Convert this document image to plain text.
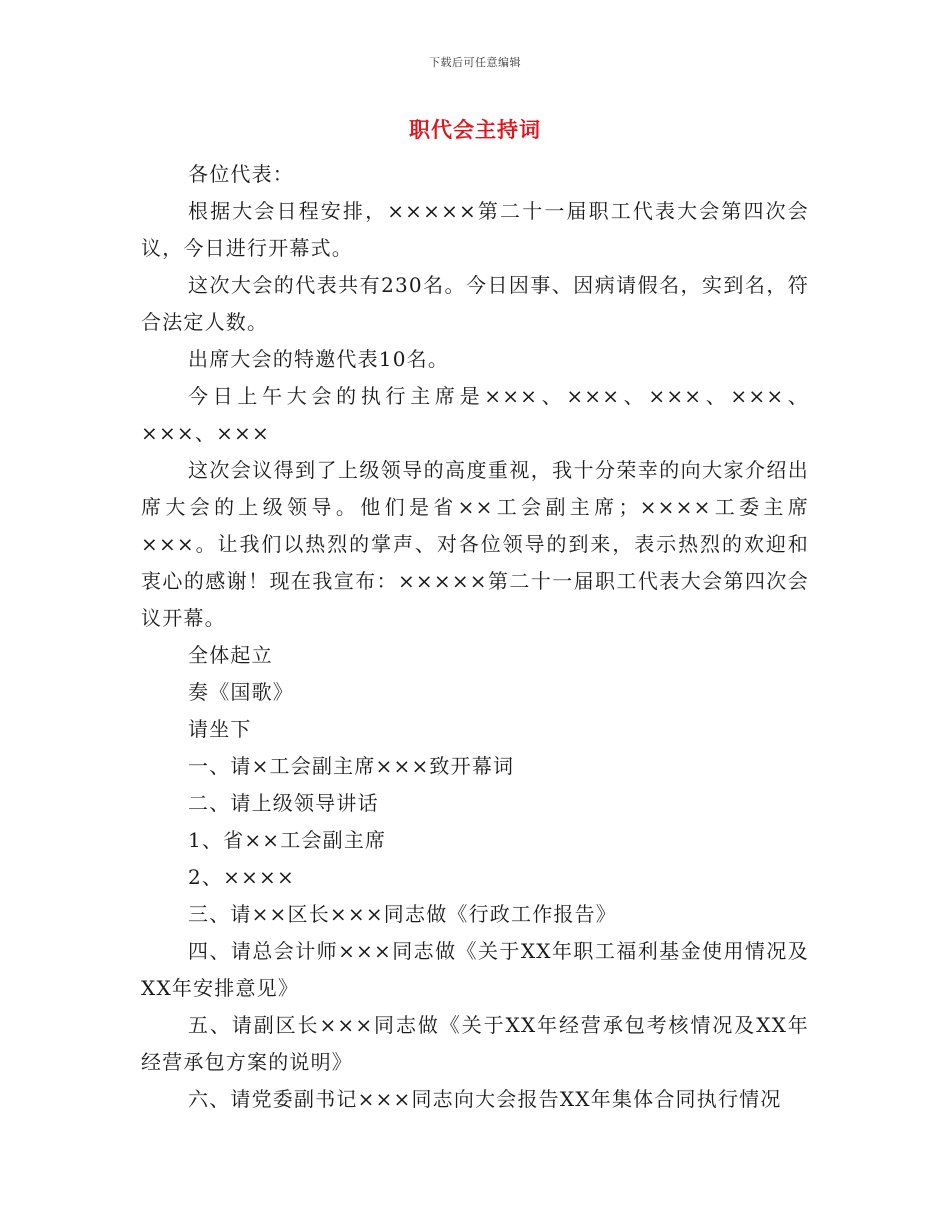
下载后可任意编辑
职代会主持词

各位代表：

根据大会日程安排，×××××第二十一届职工代表大会第四次会议，今日进行开幕式。

这次大会的代表共有230名。今日因事、因病请假名，实到名，符合法定人数。

出席大会的特邀代表10名。

今日上午大会的执行主席是×××、×××、×××、×××、×××、×××

这次会议得到了上级领导的高度重视，我十分荣幸的向大家介绍出席大会的上级领导。他们是省××工会副主席；××××工委主席×××。让我们以热烈的掌声、对各位领导的到来，表示热烈的欢迎和衷心的感谢！现在我宣布：×××××第二十一届职工代表大会第四次会议开幕。

全体起立

奏《国歌》

请坐下

一、请×工会副主席×××致开幕词

二、请上级领导讲话

1、省××工会副主席

2、××××

三、请××区长×××同志做《行政工作报告》

四、请总会计师×××同志做《关于XX年职工福利基金使用情况及XX年安排意见》

五、请副区长×××同志做《关于XX年经营承包考核情况及XX年经营承包方案的说明》

六、请党委副书记×××同志向大会报告XX年集体合同执行情况
